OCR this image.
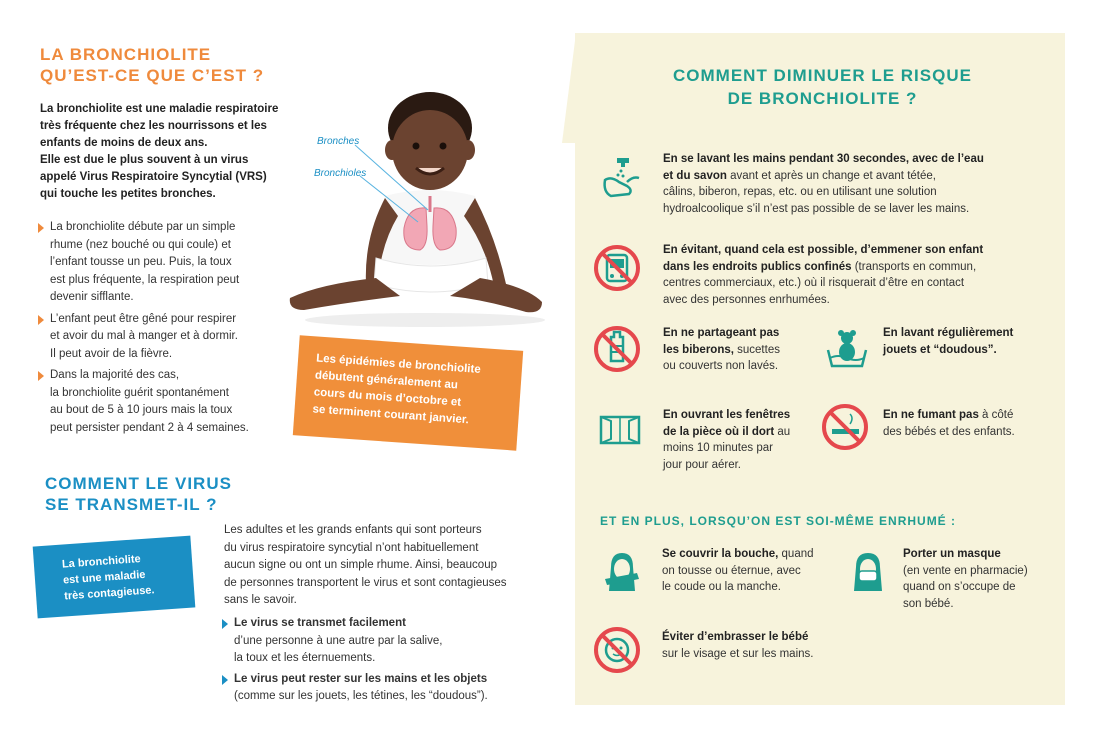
LA BRONCHIOLITE
QU’EST-CE QUE C’EST ?
La bronchiolite est une maladie respiratoire
très fréquente chez les nourrissons et les
enfants de moins de deux ans.
Elle est due le plus souvent à un virus
appelé Virus Respiratoire Syncytial (VRS)
qui touche les petites bronches.
La bronchiolite débute par un simple
rhume (nez bouché ou qui coule) et
l’enfant tousse un peu. Puis, la toux
est plus fréquente, la respiration peut
devenir sifflante.
L’enfant peut être gêné pour respirer
et avoir du mal à manger et à dormir.
Il peut avoir de la fièvre.
Dans la majorité des cas,
la bronchiolite guérit spontanément
au bout de 5 à 10 jours mais la toux
peut persister pendant 2 à 4 semaines.
Bronches
Bronchioles
Les épidémies de bronchiolite
débutent généralement au
cours du mois d’octobre et
se terminent courant janvier.
COMMENT LE VIRUS
SE TRANSMET-IL ?
La bronchiolite
est une maladie
très contagieuse.
Les adultes et les grands enfants qui sont porteurs
du virus respiratoire syncytial n’ont habituellement
aucun signe ou ont un simple rhume. Ainsi, beaucoup
de personnes transportent le virus et sont contagieuses
sans le savoir.
Le virus se transmet facilement
d’une personne à une autre par la salive,
la toux et les éternuements.
Le virus peut rester sur les mains et les objets
(comme sur les jouets, les tétines, les “doudous”).
COMMENT DIMINUER LE RISQUE
DE BRONCHIOLITE ?
En se lavant les mains pendant 30 secondes, avec de l’eau
et du savon avant et après un change et avant tétée,
câlins, biberon, repas, etc. ou en utilisant une solution
hydroalcoolique s’il n’est pas possible de se laver les mains.
En évitant, quand cela est possible, d’emmener son enfant
dans les endroits publics confinés (transports en commun,
centres commerciaux, etc.) où il risquerait d’être en contact
avec des personnes enrhumées.
En ne partageant pas
les biberons, sucettes
ou couverts non lavés.
En lavant régulièrement
jouets et “doudous”.
En ouvrant les fenêtres
de la pièce où il dort au
moins 10 minutes par
jour pour aérer.
En ne fumant pas à côté
des bébés et des enfants.
ET EN PLUS, LORSQU’ON EST SOI-MÊME ENRHUMÉ :
Se couvrir la bouche, quand
on tousse ou éternue, avec
le coude ou la manche.
Porter un masque
(en vente en pharmacie)
quand on s’occupe de
son bébé.
Éviter d’embrasser le bébé
sur le visage et sur les mains.
